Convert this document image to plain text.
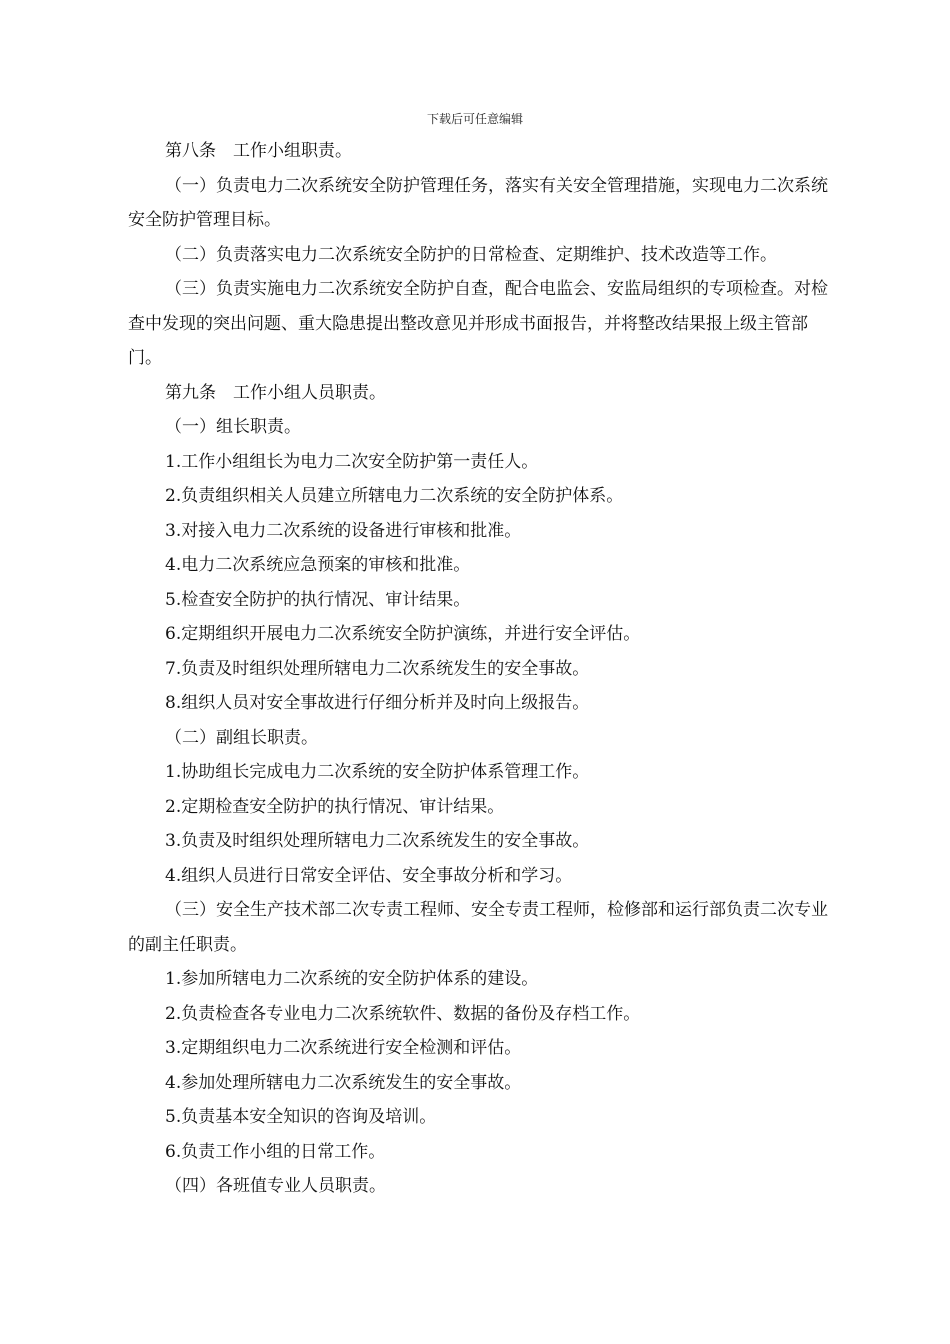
下载后可任意编辑

第八条　工作小组职责。

（一）负责电力二次系统安全防护管理任务，落实有关安全管理措施，实现电力二次系统安全防护管理目标。

（二）负责落实电力二次系统安全防护的日常检查、定期维护、技术改造等工作。

（三）负责实施电力二次系统安全防护自查，配合电监会、安监局组织的专项检查。对检查中发现的突出问题、重大隐患提出整改意见并形成书面报告，并将整改结果报上级主管部门。

第九条　工作小组人员职责。

（一）组长职责。

1.工作小组组长为电力二次安全防护第一责任人。

2.负责组织相关人员建立所辖电力二次系统的安全防护体系。

3.对接入电力二次系统的设备进行审核和批准。

4.电力二次系统应急预案的审核和批准。

5.检查安全防护的执行情况、审计结果。

6.定期组织开展电力二次系统安全防护演练，并进行安全评估。

7.负责及时组织处理所辖电力二次系统发生的安全事故。

8.组织人员对安全事故进行仔细分析并及时向上级报告。

（二）副组长职责。

1.协助组长完成电力二次系统的安全防护体系管理工作。

2.定期检查安全防护的执行情况、审计结果。

3.负责及时组织处理所辖电力二次系统发生的安全事故。

4.组织人员进行日常安全评估、安全事故分析和学习。

（三）安全生产技术部二次专责工程师、安全专责工程师，检修部和运行部负责二次专业的副主任职责。

1.参加所辖电力二次系统的安全防护体系的建设。

2.负责检查各专业电力二次系统软件、数据的备份及存档工作。

3.定期组织电力二次系统进行安全检测和评估。

4.参加处理所辖电力二次系统发生的安全事故。

5.负责基本安全知识的咨询及培训。

6.负责工作小组的日常工作。

（四）各班值专业人员职责。
